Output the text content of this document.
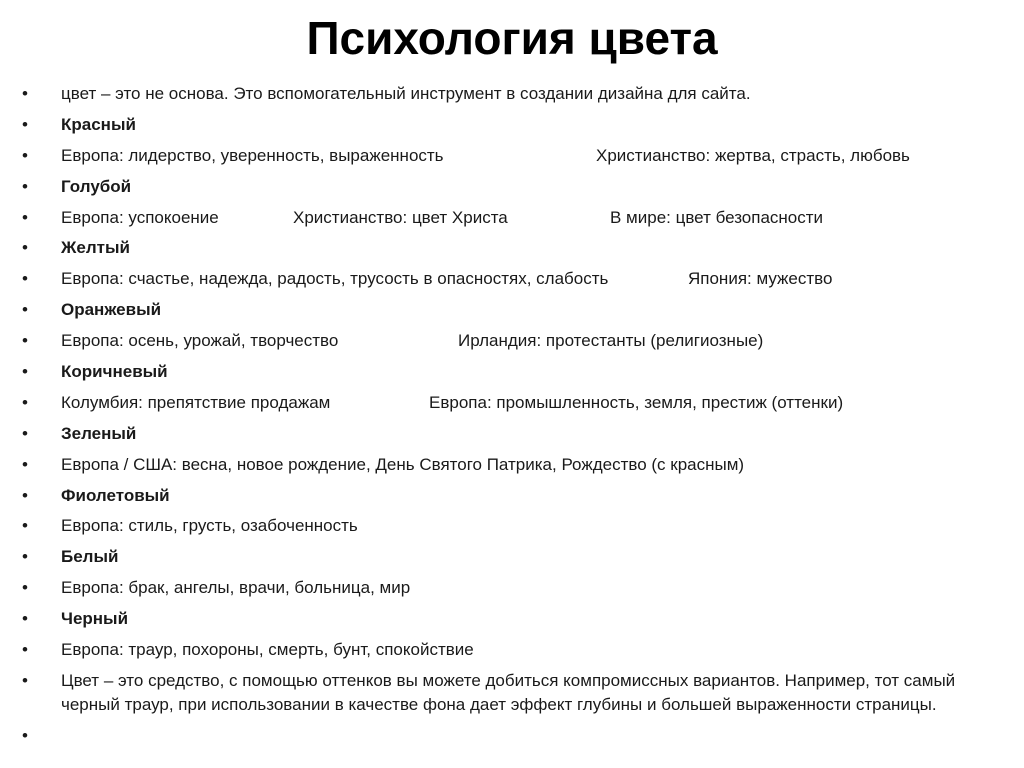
Психология цвета
• цвет – это не основа. Это вспомогательный инструмент в создании дизайна для сайта.
• Красный
• Европа: лидерство, уверенность, выраженность	Христианство: жертва, страсть, любовь
• Голубой
• Европа: успокоение	Христианство: цвет Христа	В мире: цвет безопасности
• Желтый
• Европа: счастье, надежда, радость, трусость в опасностях, слабость	Япония: мужество
• Оранжевый
• Европа: осень, урожай, творчество	Ирландия: протестанты (религиозные)
• Коричневый
• Колумбия: препятствие продажам	Европа: промышленность, земля, престиж (оттенки)
• Зеленый
• Европа / США: весна, новое рождение, День Святого Патрика, Рождество (с красным)
• Фиолетовый
• Европа: стиль, грусть, озабоченность
• Белый
• Европа: брак, ангелы, врачи, больница, мир
• Черный
• Европа: траур, похороны, смерть, бунт, спокойствие
• Цвет – это средство, с помощью оттенков вы можете добиться компромиссных вариантов. Например, тот самый черный траур, при использовании в качестве фона дает эффект глубины и большей выраженности страницы.
•
